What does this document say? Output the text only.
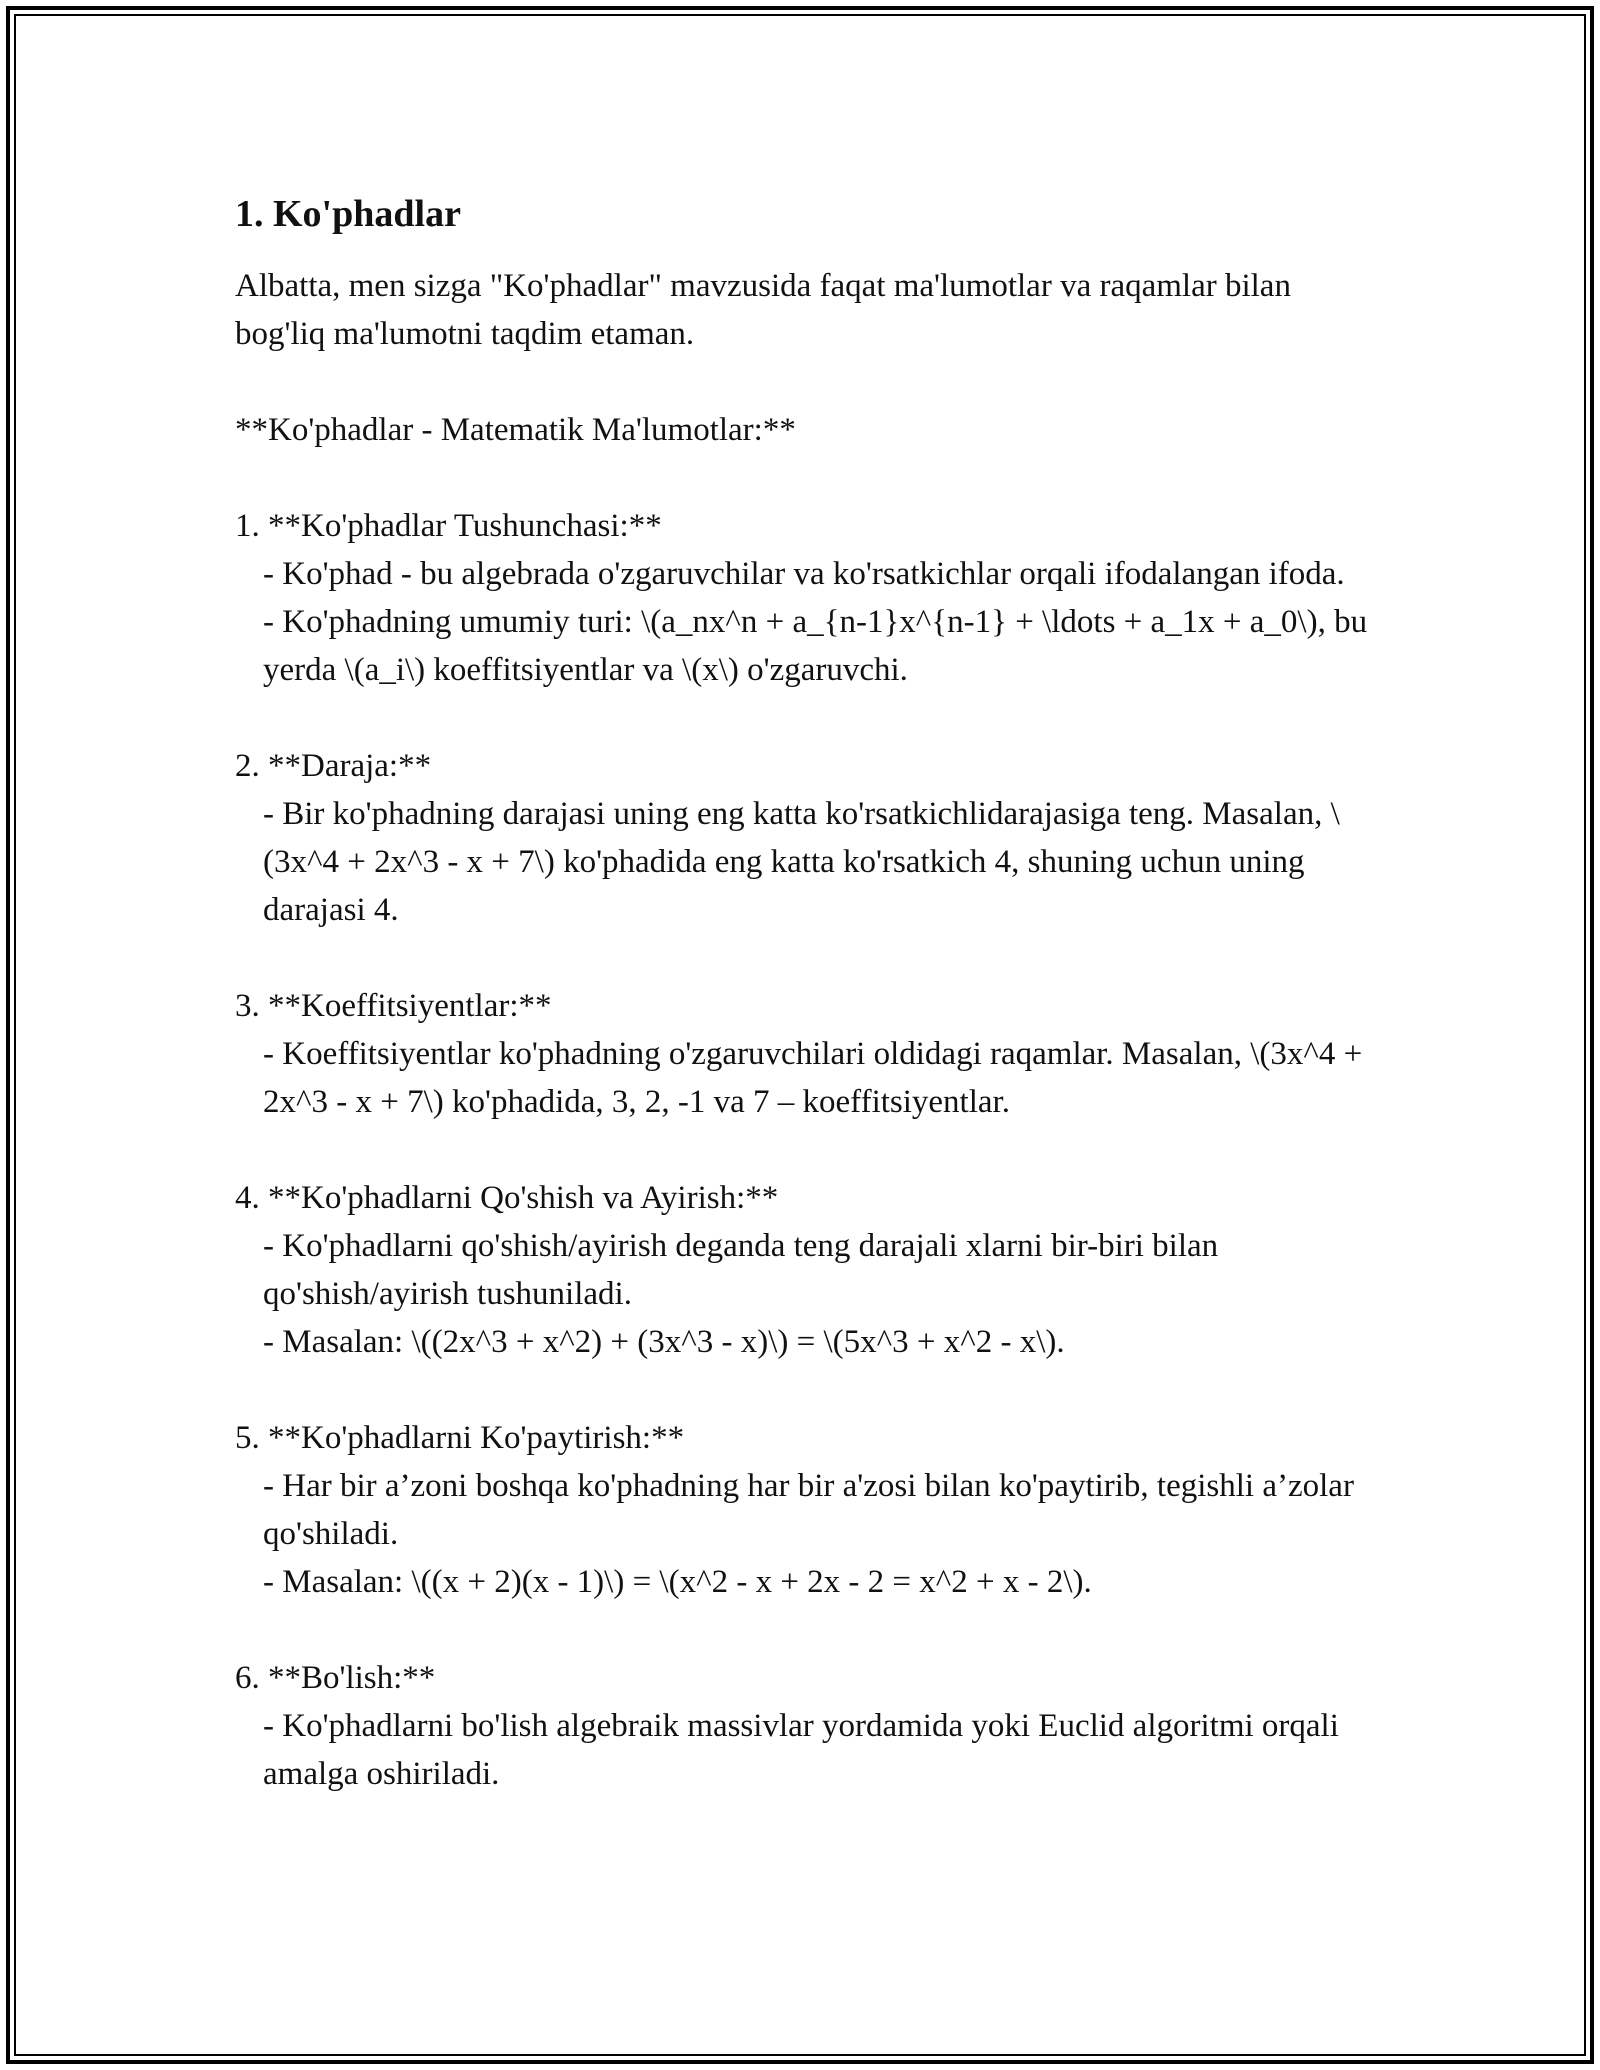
1. Ko'phadlar

Albatta, men sizga "Ko'phadlar" mavzusida faqat ma'lumotlar va raqamlar bilan bog'liq ma'lumotni taqdim etaman.

**Ko'phadlar - Matematik Ma'lumotlar:**

1. **Ko'phadlar Tushunchasi:**
- Ko'phad - bu algebrada o'zgaruvchilar va ko'rsatkichlar orqali ifodalangan ifoda.
- Ko'phadning umumiy turi: \(a_nx^n + a_{n-1}x^{n-1} + \ldots + a_1x + a_0\), bu yerda \(a_i\) koeffitsiyentlar va \(x\) o'zgaruvchi.
2. **Daraja:**
- Bir ko'phadning darajasi uning eng katta ko'rsatkichlidarajasiga teng. Masalan, \(3x^4 + 2x^3 - x + 7\) ko'phadida eng katta ko'rsatkich 4, shuning uchun uning darajasi 4.
3. **Koeffitsiyentlar:**
- Koeffitsiyentlar ko'phadning o'zgaruvchilari oldidagi raqamlar. Masalan, \(3x^4 + 2x^3 - x + 7\) ko'phadida, 3, 2, -1 va 7 – koeffitsiyentlar.
4. **Ko'phadlarni Qo'shish va Ayirish:**
- Ko'phadlarni qo'shish/ayirish deganda teng darajali xlarni bir-biri bilan qo'shish/ayirish tushuniladi.
- Masalan: \((2x^3 + x^2) + (3x^3 - x)\) = \(5x^3 + x^2 - x\).
5. **Ko'phadlarni Ko'paytirish:**
- Har bir a’zoni boshqa ko'phadning har bir a'zosi bilan ko'paytirib, tegishli a’zolar qo'shiladi.
- Masalan: \((x + 2)(x - 1)\) = \(x^2 - x + 2x - 2 = x^2 + x - 2\).
6. **Bo'lish:**
- Ko'phadlarni bo'lish algebraik massivlar yordamida yoki Euclid algoritmi orqali amalga oshiriladi.
